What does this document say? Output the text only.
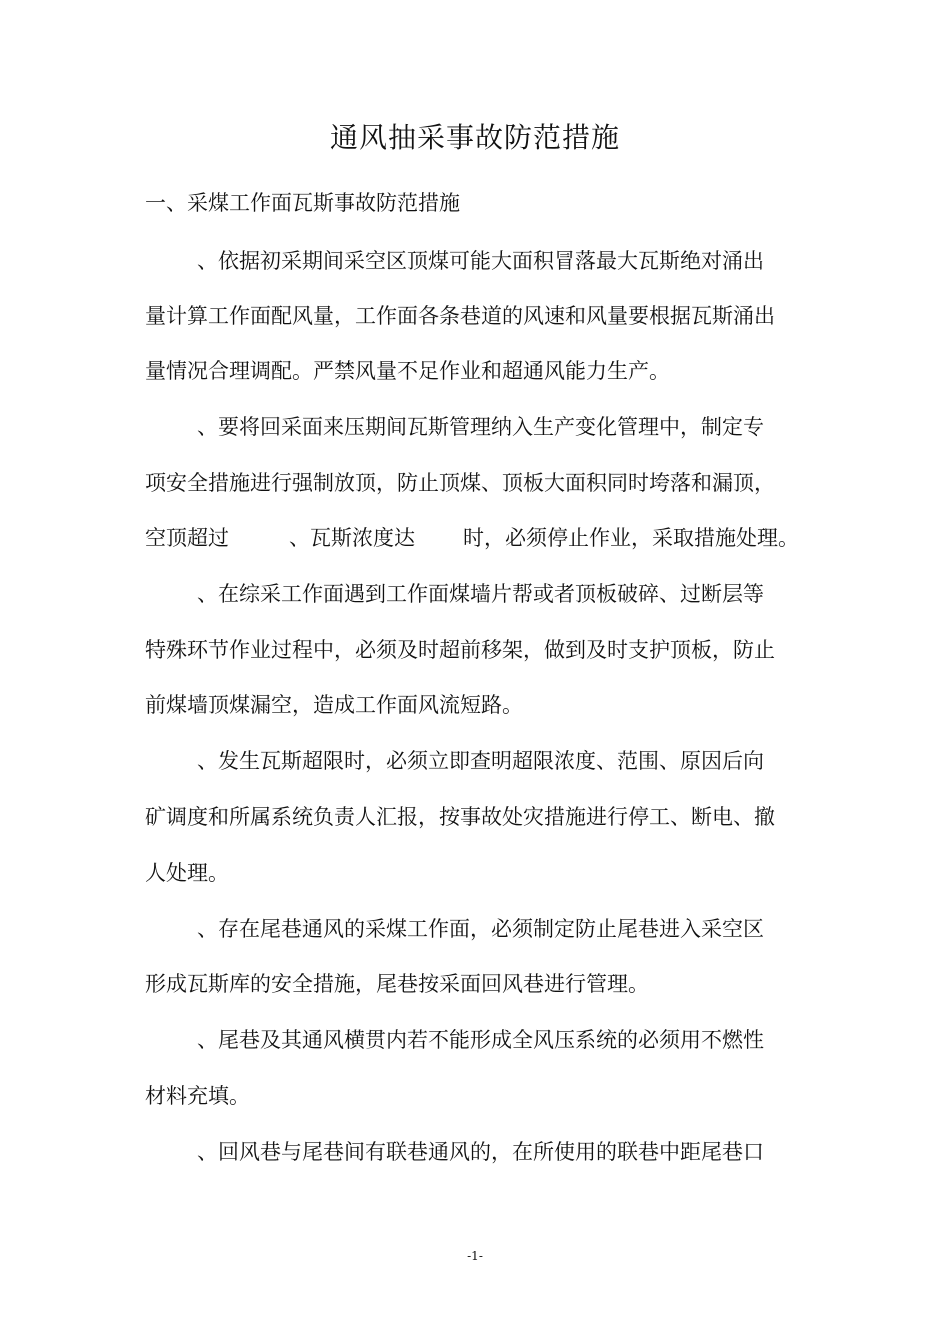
通风抽采事故防范措施
一、采煤工作面瓦斯事故防范措施
、依据初采期间采空区顶煤可能大面积冒落最大瓦斯绝对涌出
量计算工作面配风量，工作面各条巷道的风速和风量要根据瓦斯涌出
量情况合理调配。严禁风量不足作业和超通风能力生产。
、要将回采面来压期间瓦斯管理纳入生产变化管理中，制定专
项安全措施进行强制放顶，防止顶煤、顶板大面积同时垮落和漏顶，
空顶超过	、瓦斯浓度达 时，必须停止作业，采取措施处理。
、在综采工作面遇到工作面煤墙片帮或者顶板破碎、过断层等
特殊环节作业过程中，必须及时超前移架，做到及时支护顶板，防止
前煤墙顶煤漏空，造成工作面风流短路。
、发生瓦斯超限时，必须立即查明超限浓度、范围、原因后向
矿调度和所属系统负责人汇报，按事故处灾措施进行停工、断电、撤
人处理。
、存在尾巷通风的采煤工作面，必须制定防止尾巷进入采空区
形成瓦斯库的安全措施，尾巷按采面回风巷进行管理。
、尾巷及其通风横贯内若不能形成全风压系统的必须用不燃性
材料充填。
、回风巷与尾巷间有联巷通风的，在所使用的联巷中距尾巷口
-1-
